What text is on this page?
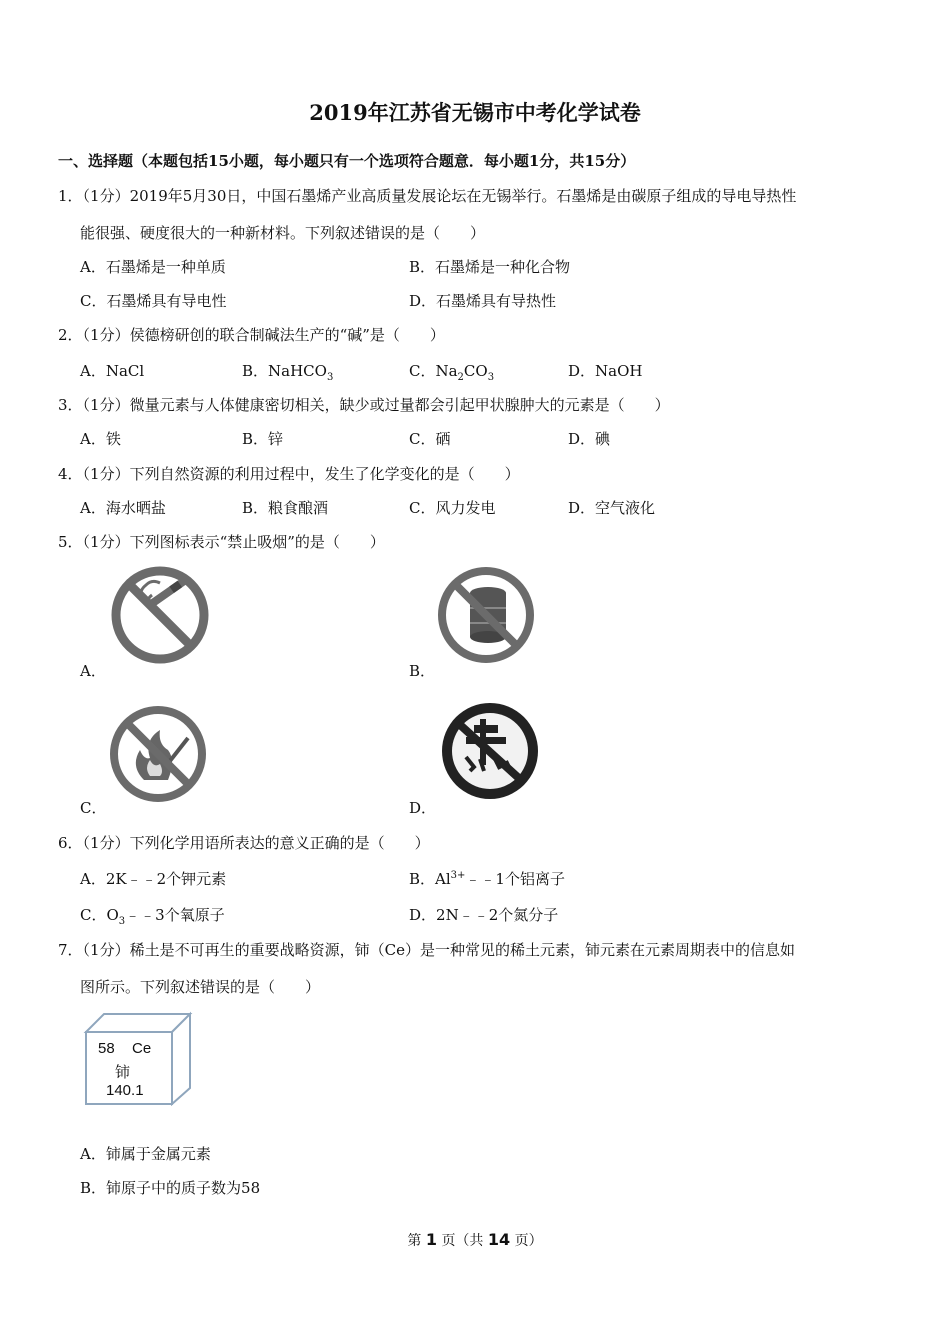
2019年江苏省无锡市中考化学试卷
一、选择题（本题包括15小题，每小题只有一个选项符合题意．每小题1分，共15分）
1．（1分）2019年5月30日，中国石墨烯产业高质量发展论坛在无锡举行。石墨烯是由碳原子组成的导电导热性
能很强、硬度很大的一种新材料。下列叙述错误的是（　　）
A．石墨烯是一种单质	B．石墨烯是一种化合物
C．石墨烯具有导电性	D．石墨烯具有导热性
2．（1分）侯德榜研创的联合制碱法生产的“碱”是（　　）
A．NaCl	B．NaHCO$_3$	C．$Na_2CO_3$	D．NaOH
3．（1分）微量元素与人体健康密切相关，缺少或过量都会引起甲状腺肿大的元素是（　　）
A．铁	B．锌	C．硒	D．碘
4．（1分）下列自然资源的利用过程中，发生了化学变化的是（　　）
A．海水晒盐	B．粮食酿酒	C．风力发电	D．空气液化
5．（1分）下列图标表示“禁止吸烟”的是（　　）
A．	B．
C．	D．
6．（1分）下列化学用语所表达的意义正确的是（　　）
A．2K﹣﹣2个钾元素	B．$Al^{3+}﹣﹣1$个铝离子
C．$O_3﹣﹣3$个氧原子	D．2N﹣﹣2个氮分子
7．（1分）稀土是不可再生的重要战略资源，铈（Ce）是一种常见的稀土元素，铈元素在元素周期表中的信息如
图所示。下列叙述错误的是（　　）
58 Ce
铈
140.1
A．铈属于金属元素
B．铈原子中的质子数为58
第 1 页（共 14 页）
